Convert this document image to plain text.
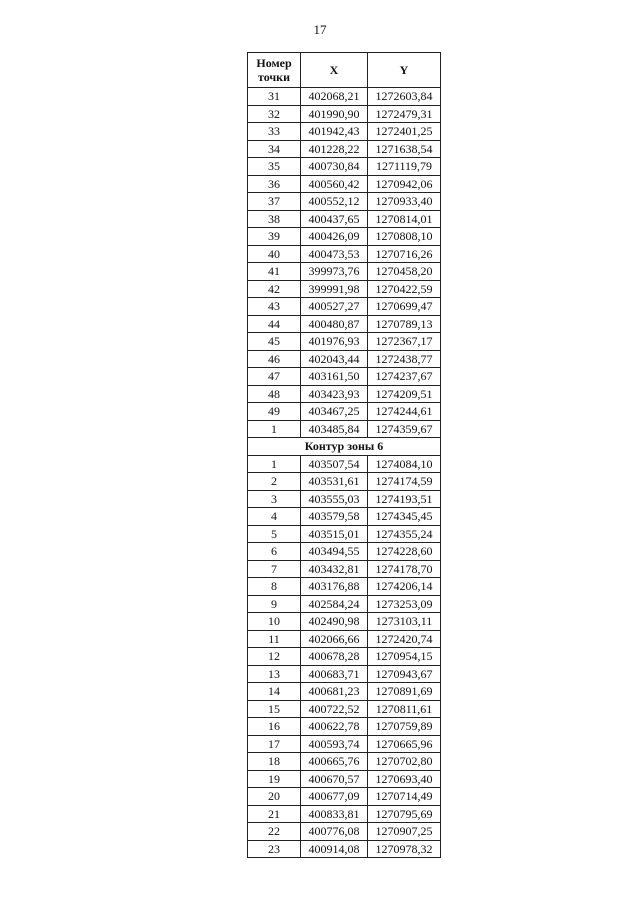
17
Номер
точки	X	Y
31	402068,21	1272603,84
32	401990,90	1272479,31
33	401942,43	1272401,25
34	401228,22	1271638,54
35	400730,84	1271119,79
36	400560,42	1270942,06
37	400552,12	1270933,40
38	400437,65	1270814,01
39	400426,09	1270808,10
40	400473,53	1270716,26
41	399973,76	1270458,20
42	399991,98	1270422,59
43	400527,27	1270699,47
44	400480,87	1270789,13
45	401976,93	1272367,17
46	402043,44	1272438,77
47	403161,50	1274237,67
48	403423,93	1274209,51
49	403467,25	1274244,61
1	403485,84	1274359,67
Контур зоны 6		
1	403507,54	1274084,10
2	403531,61	1274174,59
3	403555,03	1274193,51
4	403579,58	1274345,45
5	403515,01	1274355,24
6	403494,55	1274228,60
7	403432,81	1274178,70
8	403176,88	1274206,14
9	402584,24	1273253,09
10	402490,98	1273103,11
11	402066,66	1272420,74
12	400678,28	1270954,15
13	400683,71	1270943,67
14	400681,23	1270891,69
15	400722,52	1270811,61
16	400622,78	1270759,89
17	400593,74	1270665,96
18	400665,76	1270702,80
19	400670,57	1270693,40
20	400677,09	1270714,49
21	400833,81	1270795,69
22	400776,08	1270907,25
23	400914,08	1270978,32
